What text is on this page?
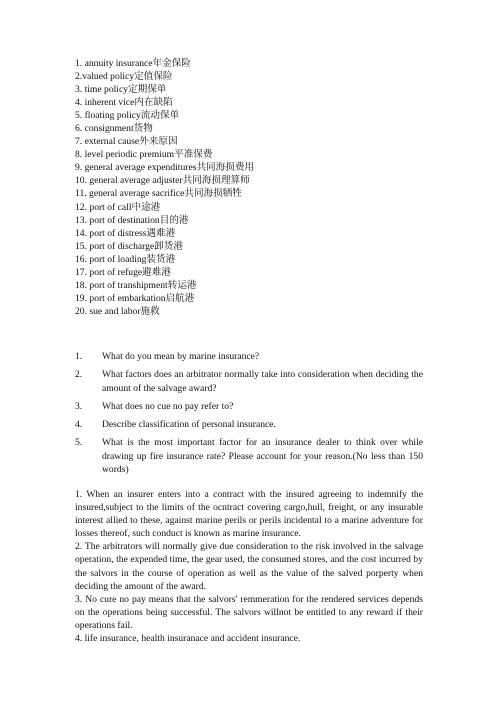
1. annuity insurance年金保险
2.valued policy定值保险
3. time policy定期保单
4. inherent vice内在缺陷
5. floating policy流动保单
6. consignment货物
7. external cause外来原因
8. level periodic premium平准保费
9. general average expenditures共同海损费用
10. general average adjuster共同海损理算师
11. general average sacrifice共同海损牺牲
12. port of call中途港
13. port of destination目的港
14. port of distress遇难港
15. port of discharge卸货港
16. port of loading装货港
17. port of refuge避难港
18. port of transhipment转运港
19. port of embarkation启航港
20. sue and labor施救
1. What do you mean by marine insurance?
2. What factors does an arbitrator normally take into consideration when deciding the amount of the salvage award?
3. What does no cue no pay refer to?
4. Describe classification of personal insurance.
5. What is the most important factor for an insurance dealer to think over while drawing up fire insurance rate? Please account for your reason.(No less than 150 words)
1. When an insurer enters into a contract with the insured agreeing to indemnify the insured,subject to the limits of the ocntract covering cargo,hull, freight, or any insurable interest allied to these, against marine perils or perils incidental to a marine adventure for losses thereof, such conduct is known as marine insurance.
2. The arbitrators will normally give due consideration to the risk involved in the salvage operation, the expended time, the gear used, the consumed stores, and the cost incurred by the salvors in the course of operation as well as the value of the salved porperty when deciding the amount of the award.
3. No cure no pay means that the salvors' remmeration for the rendered services depends on the operations being successful. The salvors willnot be entitled to any reward if their operations fail.
4. life insurance, health insuranace and accident insurance.
